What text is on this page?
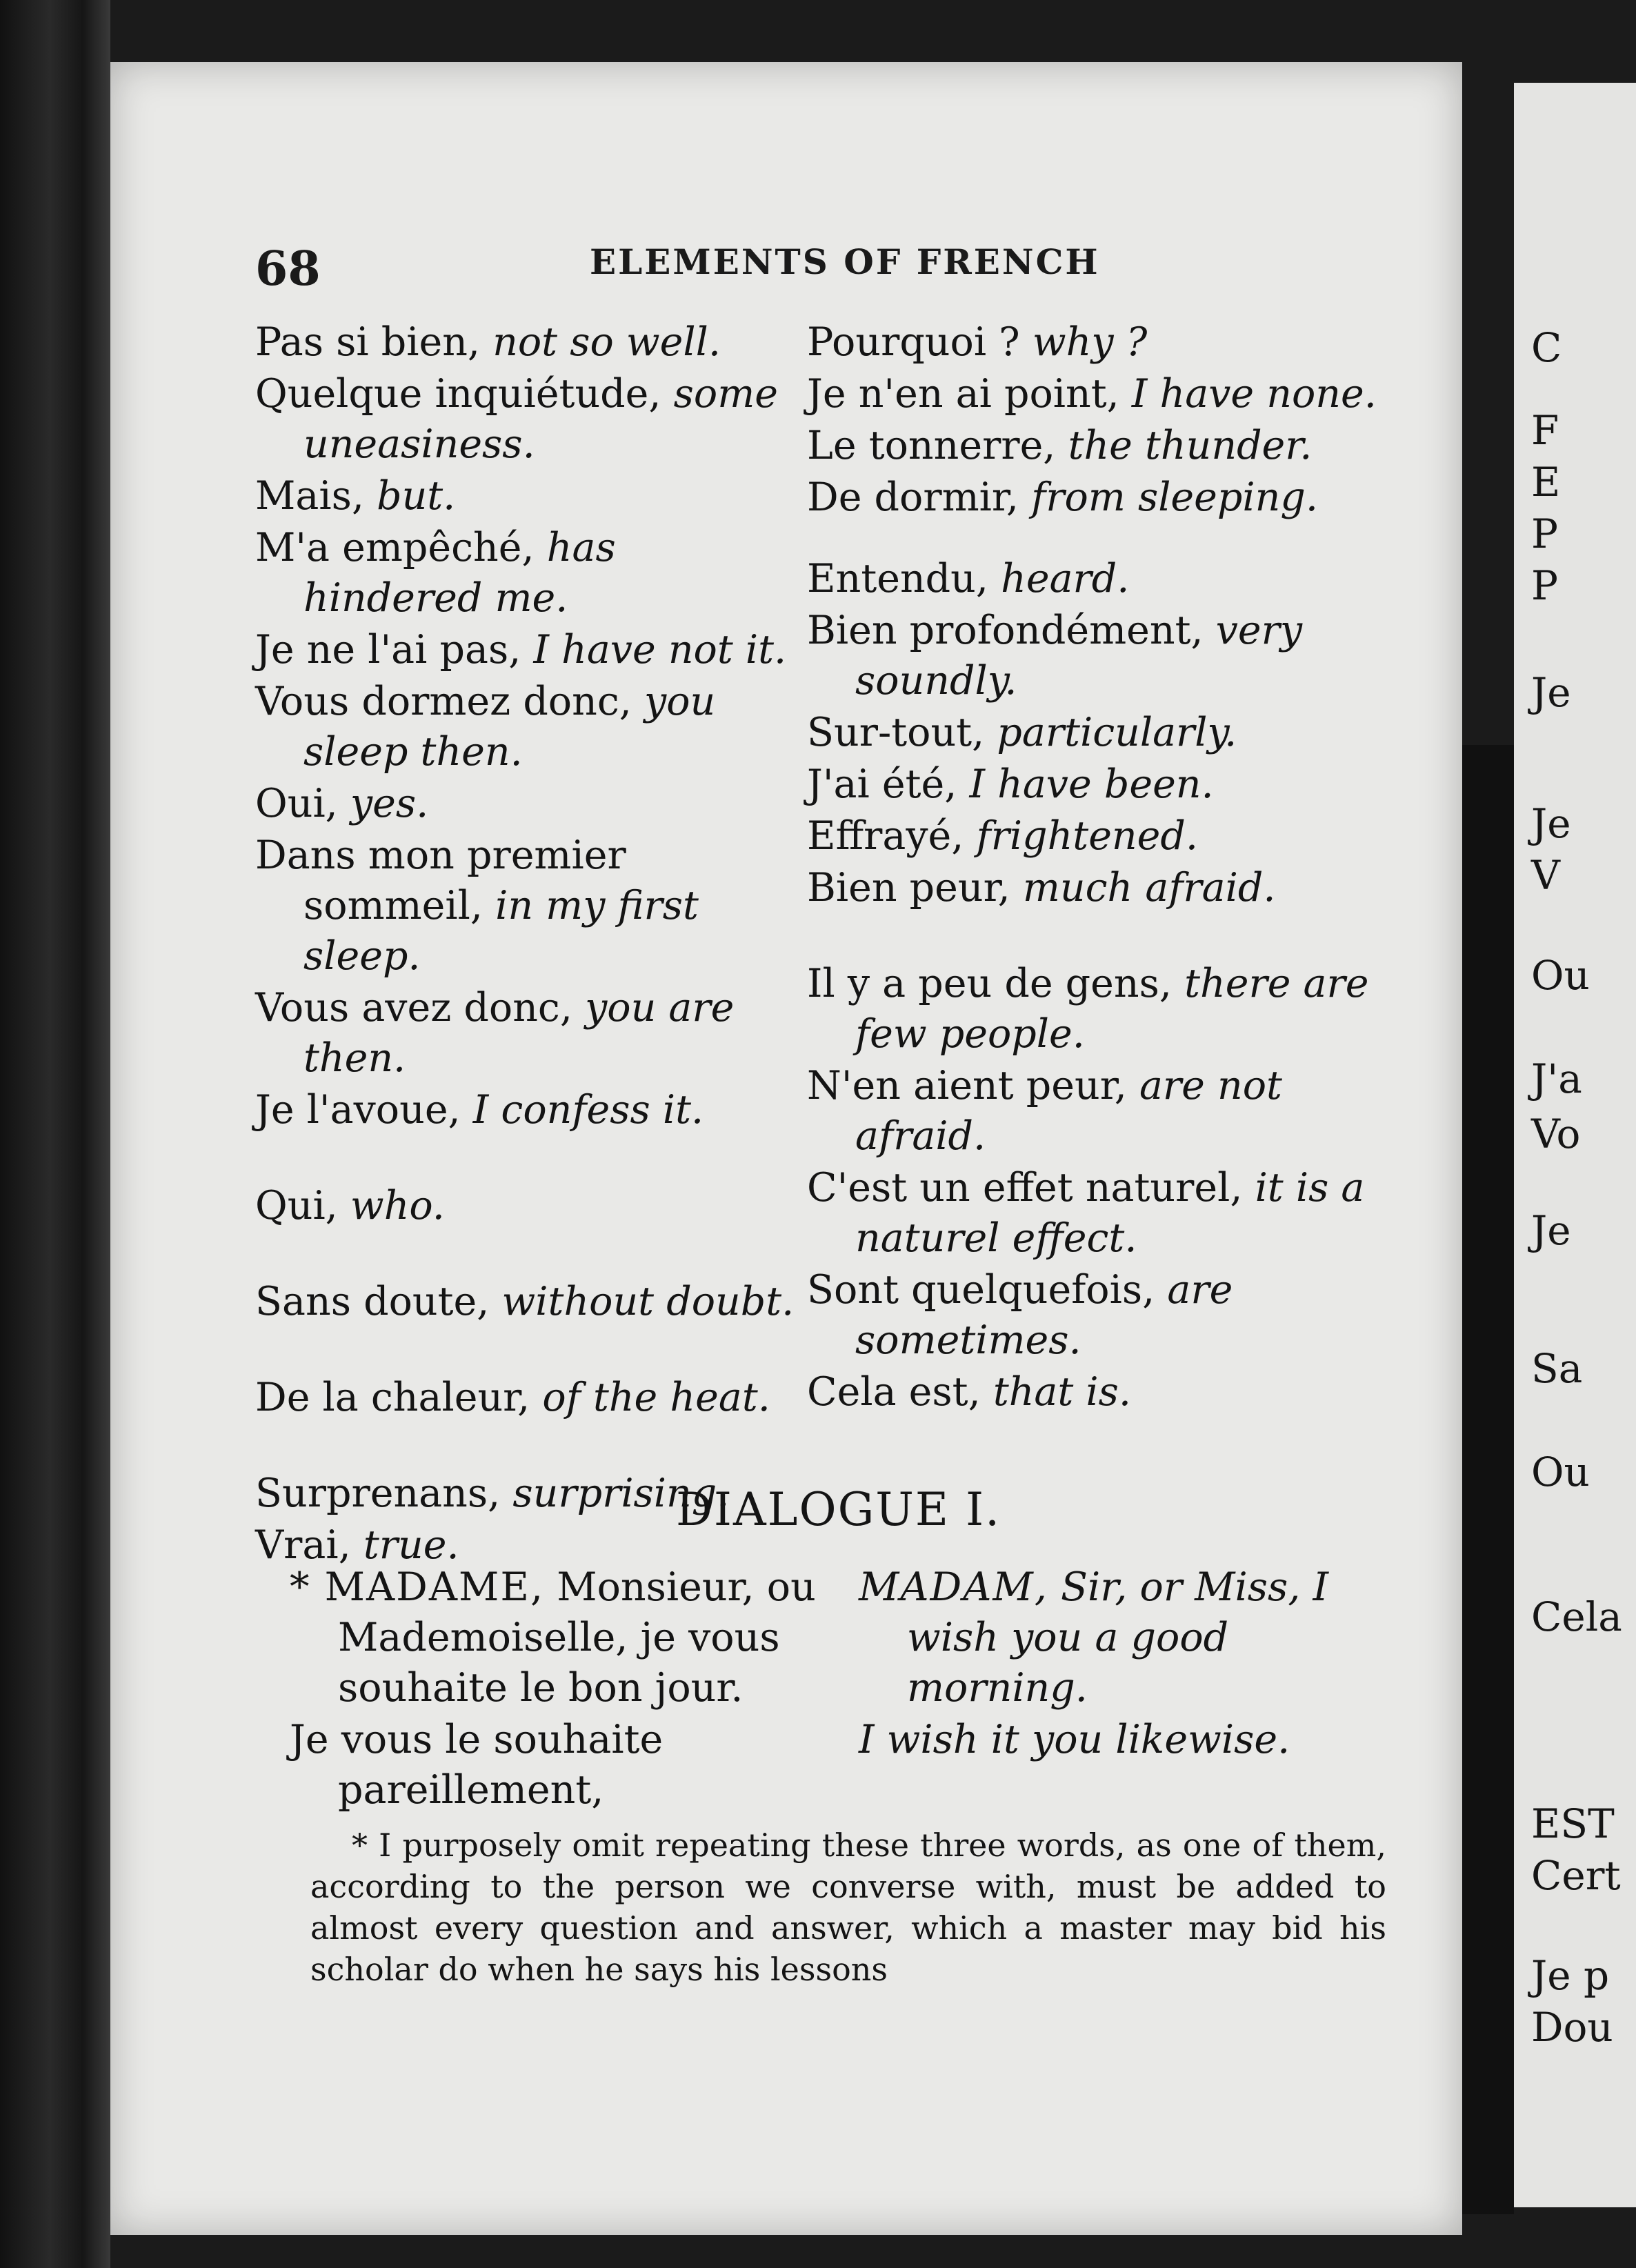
C
F
E
P
P
Je
Je
V
Ou
J'a
Vo
Je
Sa
Ou
Cela
EST
Cert
Je p
Dou
68	ELEMENTS OF FRENCH
Pas si bien, not so well.
Quelque inquiétude, some uneasiness.
Mais, but.
M'a empêché, has hindered me.
Je ne l'ai pas, I have not it.
Vous dormez donc, you sleep then.
Oui, yes.
Dans mon premier sommeil, in my first sleep.
Vous avez donc, you are then.
Je l'avoue, I confess it.
Qui, who.
Sans doute, without doubt.
De la chaleur, of the heat.
Surprenans, surprising.
Vrai, true.
Pourquoi ? why ?
Je n'en ai point, I have none.
Le tonnerre, the thunder.
De dormir, from sleeping.
Entendu, heard.
Bien profondément, very soundly.
Sur-tout, particularly.
J'ai été, I have been.
Effrayé, frightened.
Bien peur, much afraid.
Il y a peu de gens, there are few people.
N'en aient peur, are not afraid.
C'est un effet naturel, it is a naturel effect.
Sont quelquefois, are sometimes.
Cela est, that is.
DIALOGUE I.
* MADAME, Monsieur, ou Mademoiselle, je vous souhaite le bon jour.
Je vous le souhaite pareillement,
MADAM, Sir, or Miss, I wish you a good morning.
I wish it you likewise.
* I purposely omit repeating these three words, as one of them, according to the person we converse with, must be added to almost every question and answer, which a master may bid his scholar do when he says his lessons
